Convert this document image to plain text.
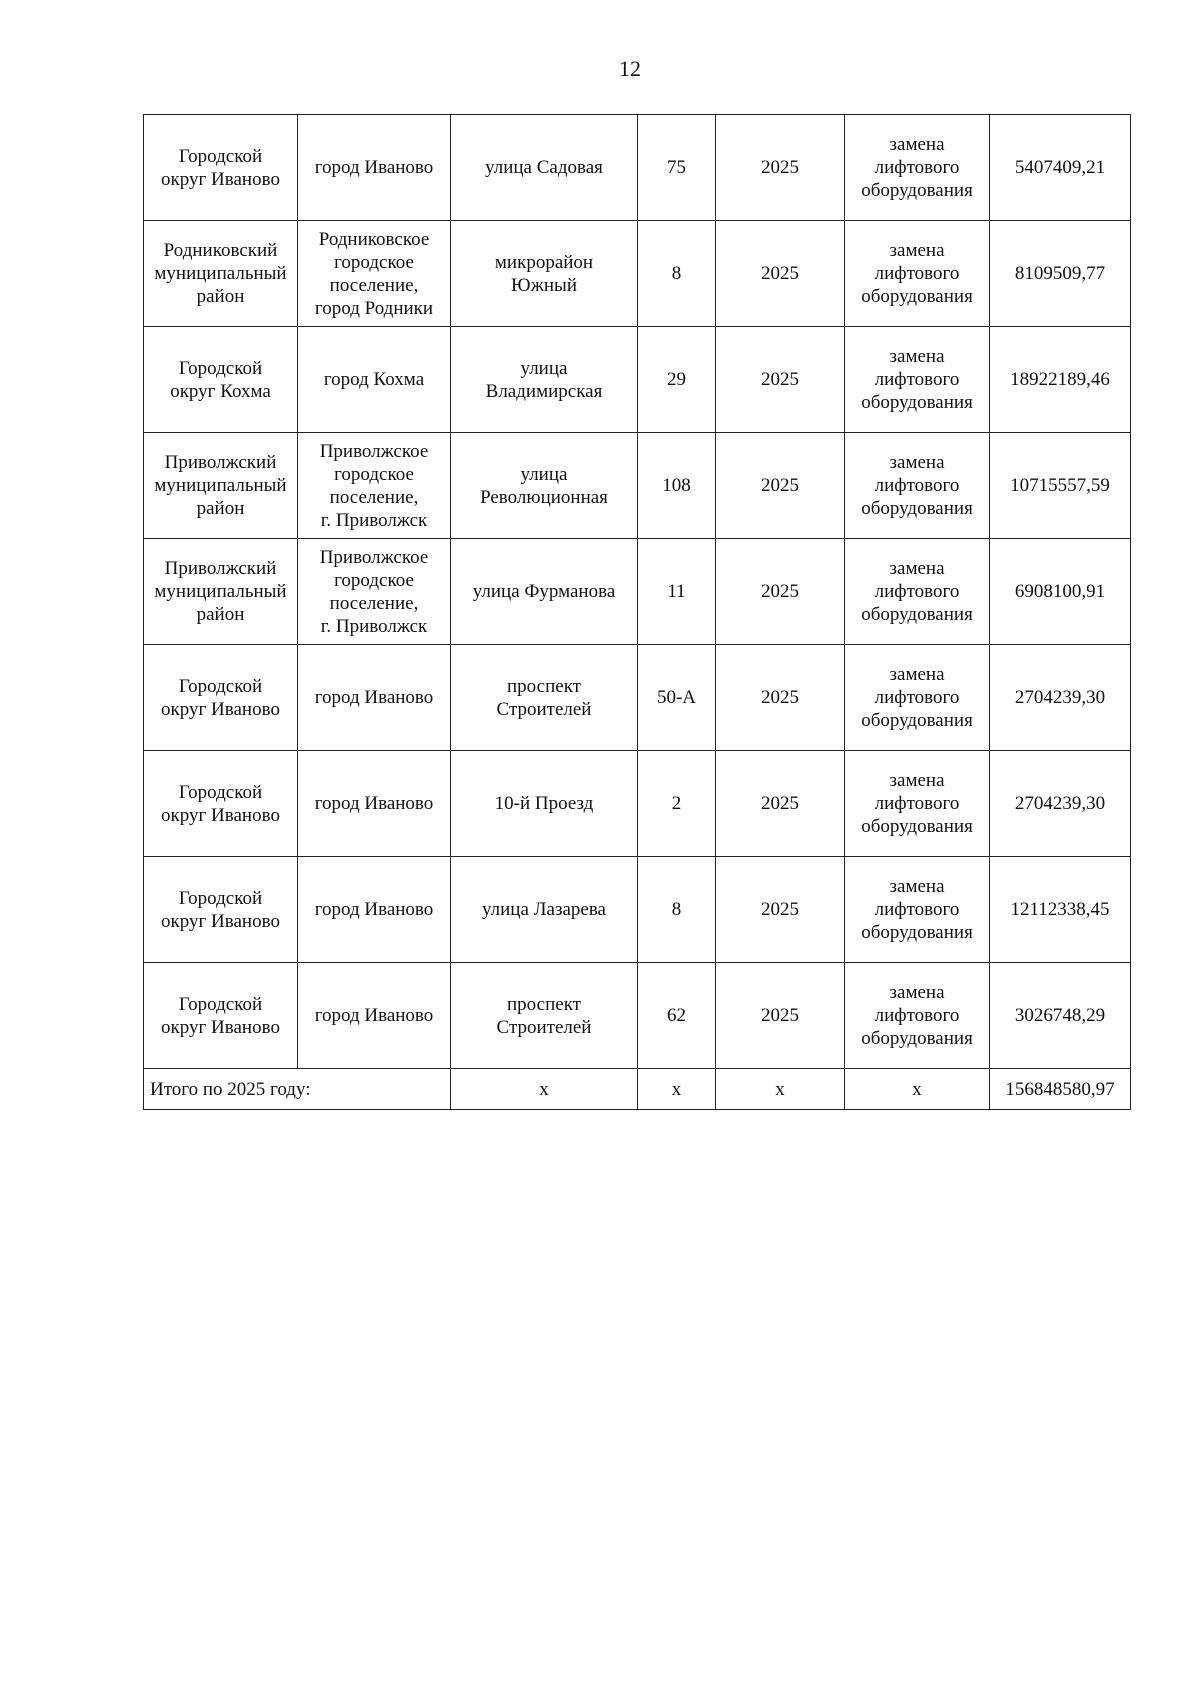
12
Городской
округ Иваново	город Иваново	улица Садовая	75	2025	замена
лифтового
оборудования	5407409,21

Родниковский
муниципальный
район	Родниковское
городское
поселение,
город Родники	микрорайон
Южный	8	2025	замена
лифтового
оборудования	8109509,77

Городской
округ Кохма	город Кохма	улица
Владимирская	29	2025	замена
лифтового
оборудования	18922189,46

Приволжский
муниципальный
район	Приволжское
городское
поселение,
г. Приволжск	улица
Революционная	108	2025	замена
лифтового
оборудования	10715557,59

Приволжский
муниципальный
район	Приволжское
городское
поселение,
г. Приволжск	улица Фурманова	11	2025	замена
лифтового
оборудования	6908100,91

Городской
округ Иваново	город Иваново	проспект
Строителей	50-А	2025	замена
лифтового
оборудования	2704239,30

Городской
округ Иваново	город Иваново	10-й Проезд	2	2025	замена
лифтового
оборудования	2704239,30

Городской
округ Иваново	город Иваново	улица Лазарева	8	2025	замена
лифтового
оборудования	12112338,45

Городской
округ Иваново	город Иваново	проспект
Строителей	62	2025	замена
лифтового
оборудования	3026748,29

Итого по 2025 году:		х	х	х	х	156848580,97
